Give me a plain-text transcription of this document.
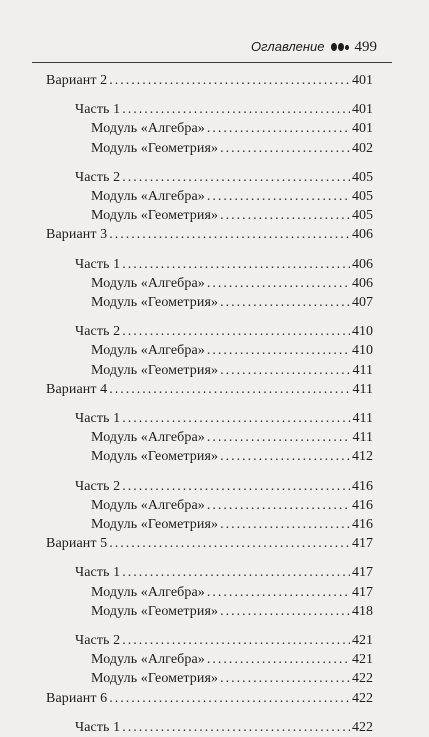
Оглавление 499
Вариант 2 .....	401
Часть 1 .....	401
Модуль «Алгебра» .....	401
Модуль «Геометрия» .....	402
Часть 2 .....	405
Модуль «Алгебра» .....	405
Модуль «Геометрия» .....	405
Вариант 3 .....	406
Часть 1 .....	406
Модуль «Алгебра» .....	406
Модуль «Геометрия» .....	407
Часть 2 .....	410
Модуль «Алгебра» .....	410
Модуль «Геометрия» .....	411
Вариант 4 .....	411
Часть 1 .....	411
Модуль «Алгебра» .....	411
Модуль «Геометрия» .....	412
Часть 2 .....	416
Модуль «Алгебра» .....	416
Модуль «Геометрия» .....	416
Вариант 5 .....	417
Часть 1 .....	417
Модуль «Алгебра» .....	417
Модуль «Геометрия» .....	418
Часть 2 .....	421
Модуль «Алгебра» .....	421
Модуль «Геометрия» .....	422
Вариант 6 .....	422
Часть 1 .....	422
